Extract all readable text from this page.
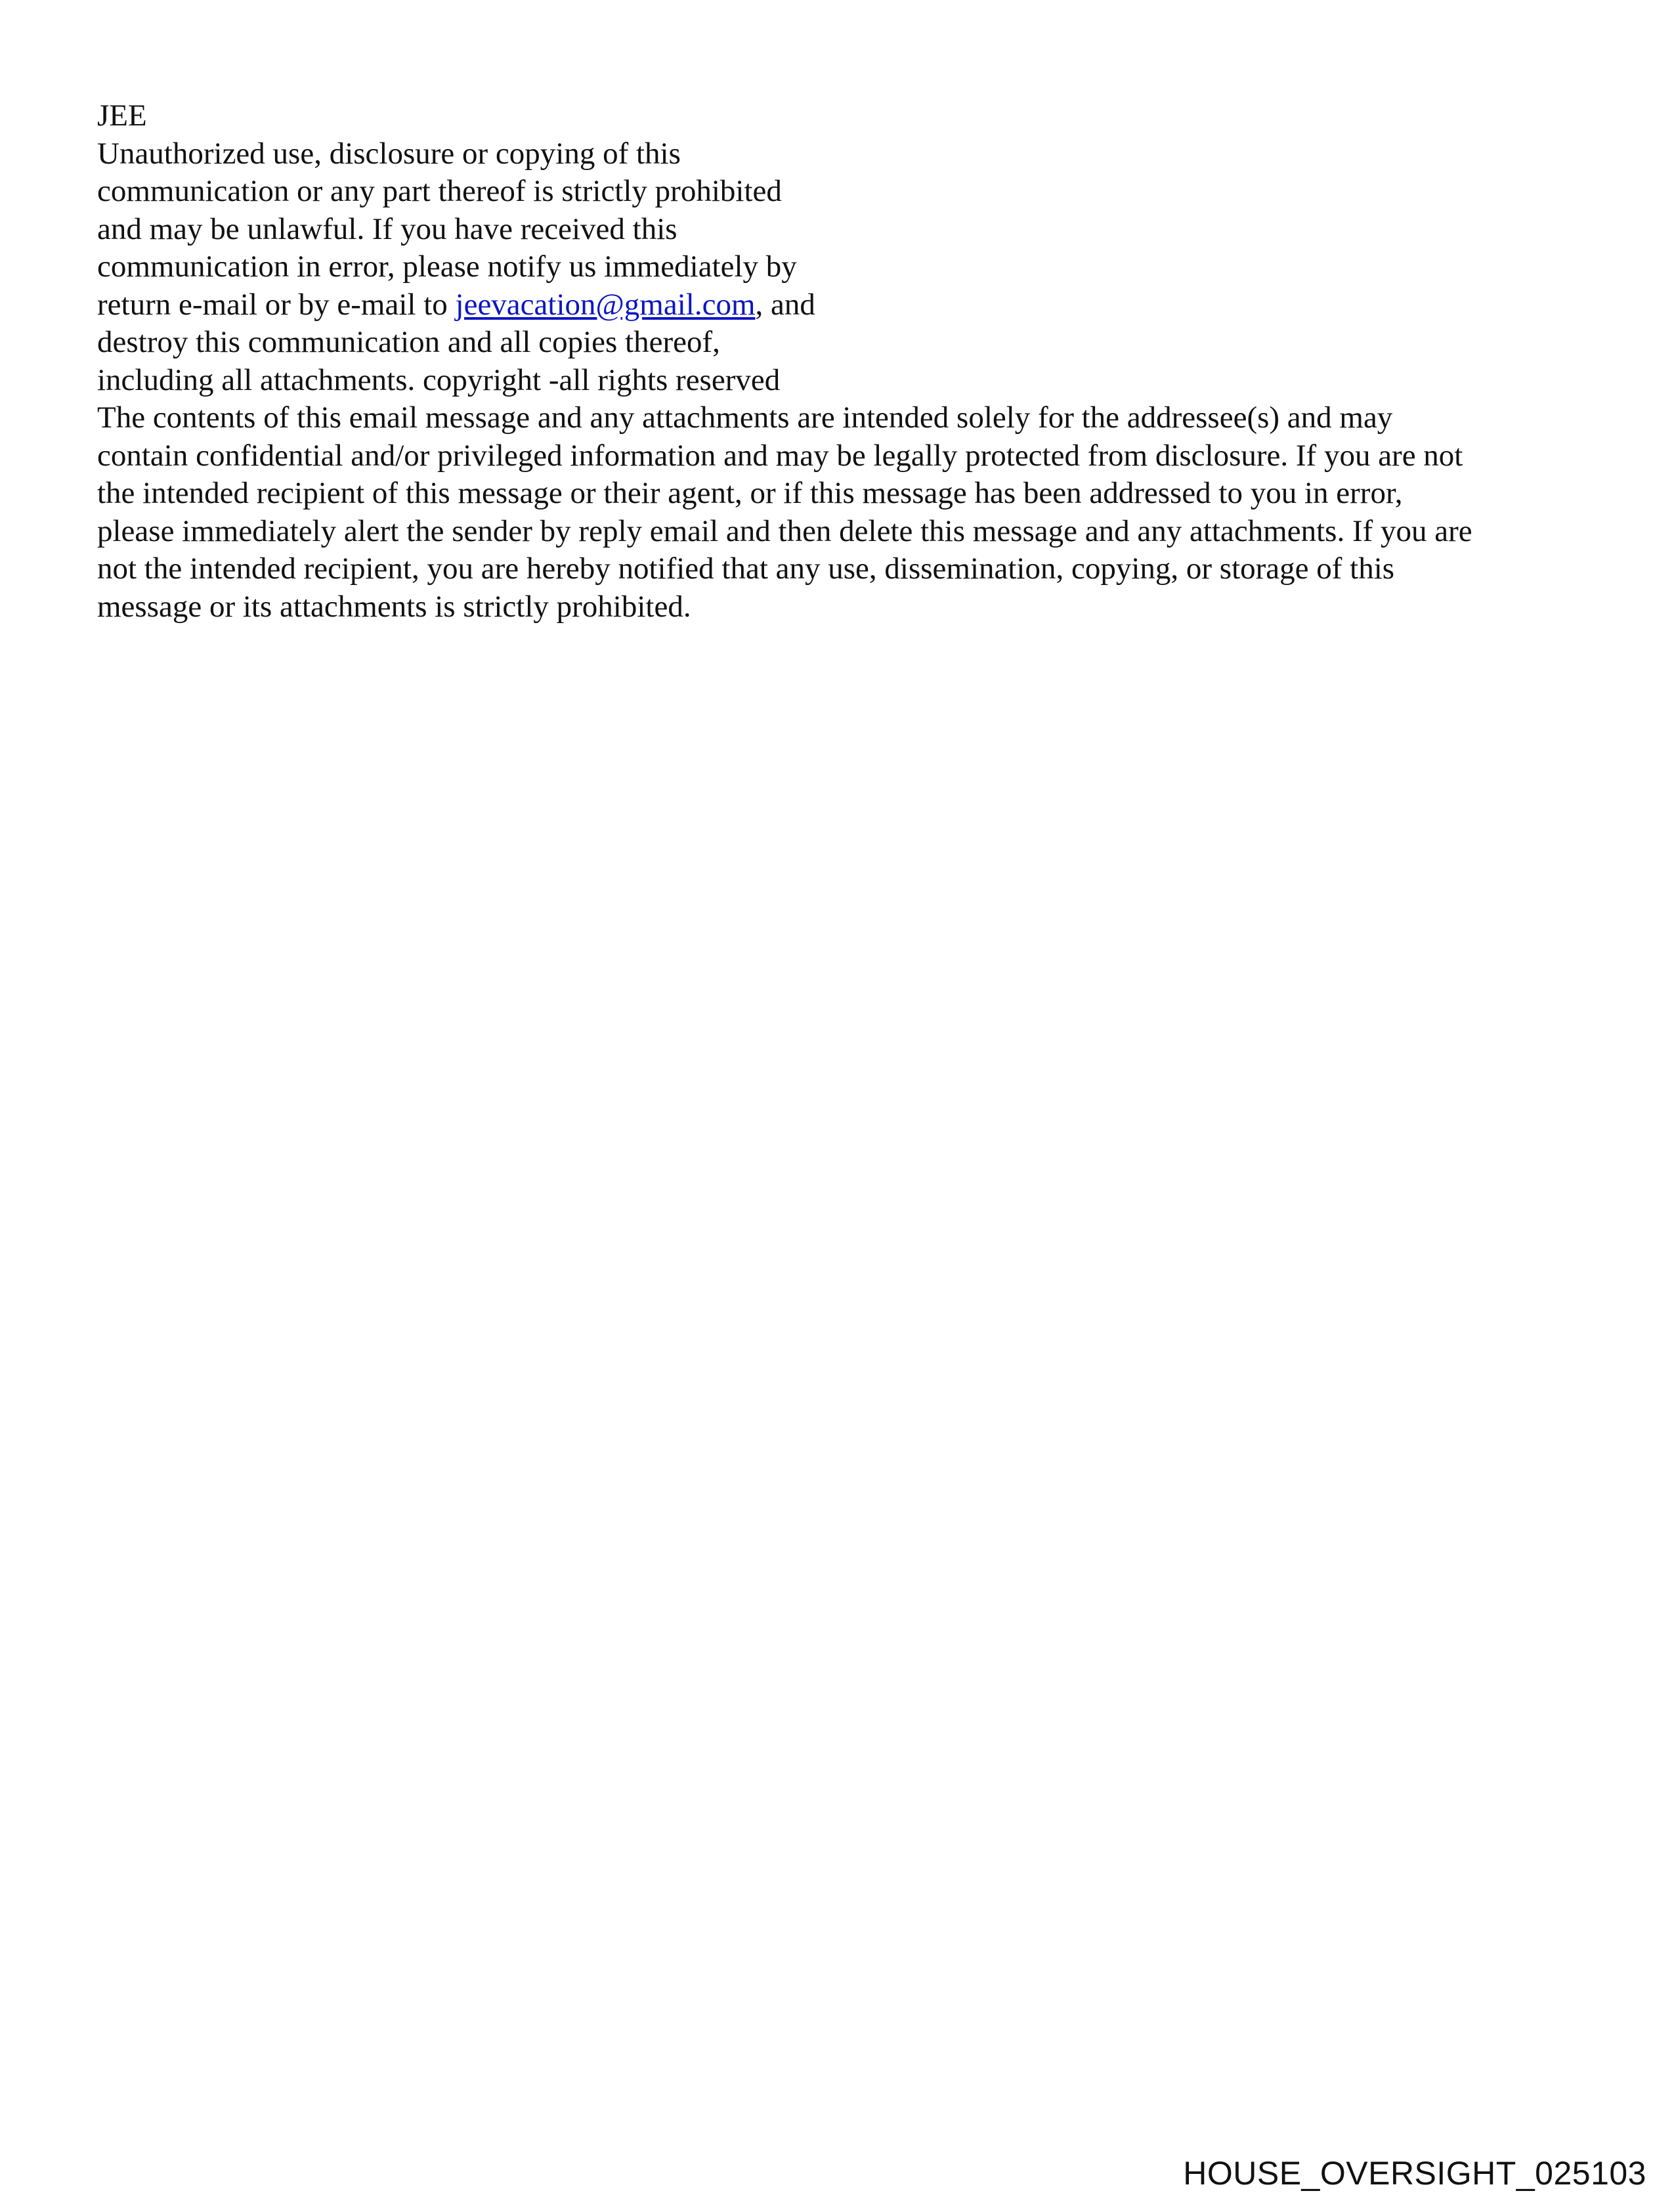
JEE
Unauthorized use, disclosure or copying of this
communication or any part thereof is strictly prohibited
and may be unlawful. If you have received this
communication in error, please notify us immediately by
return e-mail or by e-mail to jeevacation@gmail.com, and
destroy this communication and all copies thereof,
including all attachments. copyright -all rights reserved
The contents of this email message and any attachments are intended solely for the addressee(s) and may
contain confidential and/or privileged information and may be legally protected from disclosure. If you are not
the intended recipient of this message or their agent, or if this message has been addressed to you in error,
please immediately alert the sender by reply email and then delete this message and any attachments. If you are
not the intended recipient, you are hereby notified that any use, dissemination, copying, or storage of this
message or its attachments is strictly prohibited.
HOUSE_OVERSIGHT_025103
